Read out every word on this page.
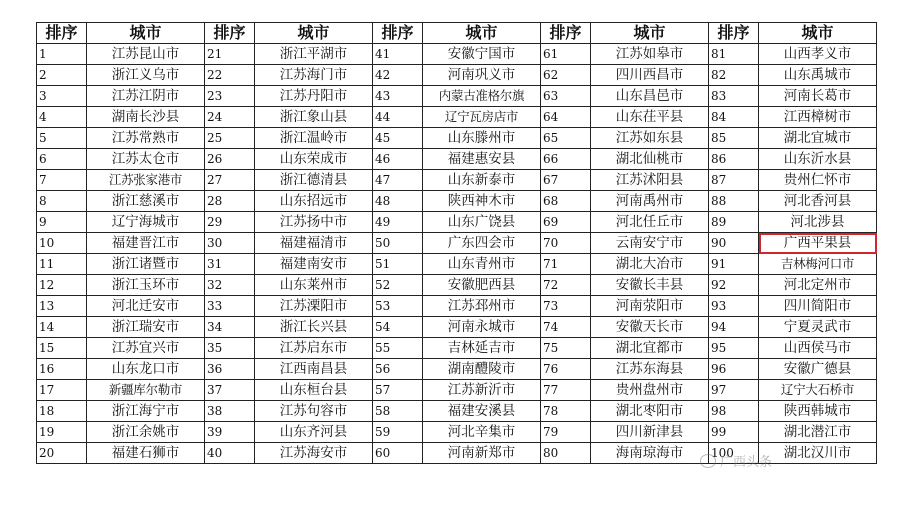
排序	城市	排序	城市	排序	城市	排序	城市	排序	城市
1	江苏昆山市	21	浙江平湖市	41	安徽宁国市	61	江苏如皋市	81	山西孝义市
2	浙江义乌市	22	江苏海门市	42	河南巩义市	62	四川西昌市	82	山东禹城市
3	江苏江阴市	23	江苏丹阳市	43	内蒙古准格尔旗	63	山东昌邑市	83	河南长葛市
4	湖南长沙县	24	浙江象山县	44	辽宁瓦房店市	64	山东茌平县	84	江西樟树市
5	江苏常熟市	25	浙江温岭市	45	山东滕州市	65	江苏如东县	85	湖北宜城市
6	江苏太仓市	26	山东荣成市	46	福建惠安县	66	湖北仙桃市	86	山东沂水县
7	江苏张家港市	27	浙江德清县	47	山东新泰市	67	江苏沭阳县	87	贵州仁怀市
8	浙江慈溪市	28	山东招远市	48	陕西神木市	68	河南禹州市	88	河北香河县
9	辽宁海城市	29	江苏扬中市	49	山东广饶县	69	河北任丘市	89	河北涉县
10	福建晋江市	30	福建福清市	50	广东四会市	70	云南安宁市	90	广西平果县
11	浙江诸暨市	31	福建南安市	51	山东青州市	71	湖北大冶市	91	吉林梅河口市
12	浙江玉环市	32	山东莱州市	52	安徽肥西县	72	安徽长丰县	92	河北定州市
13	河北迁安市	33	江苏溧阳市	53	江苏邳州市	73	河南荥阳市	93	四川简阳市
14	浙江瑞安市	34	浙江长兴县	54	河南永城市	74	安徽天长市	94	宁夏灵武市
15	江苏宜兴市	35	江苏启东市	55	吉林延吉市	75	湖北宜都市	95	山西侯马市
16	山东龙口市	36	江西南昌县	56	湖南醴陵市	76	江苏东海县	96	安徽广德县
17	新疆库尔勒市	37	山东桓台县	57	江苏新沂市	77	贵州盘州市	97	辽宁大石桥市
18	浙江海宁市	38	江苏句容市	58	福建安溪县	78	湖北枣阳市	98	陕西韩城市
19	浙江余姚市	39	山东齐河县	59	河北辛集市	79	四川新津县	99	湖北潜江市
20	福建石狮市	40	江苏海安市	60	河南新郑市	80	海南琼海市	100	湖北汉川市
广西头条
